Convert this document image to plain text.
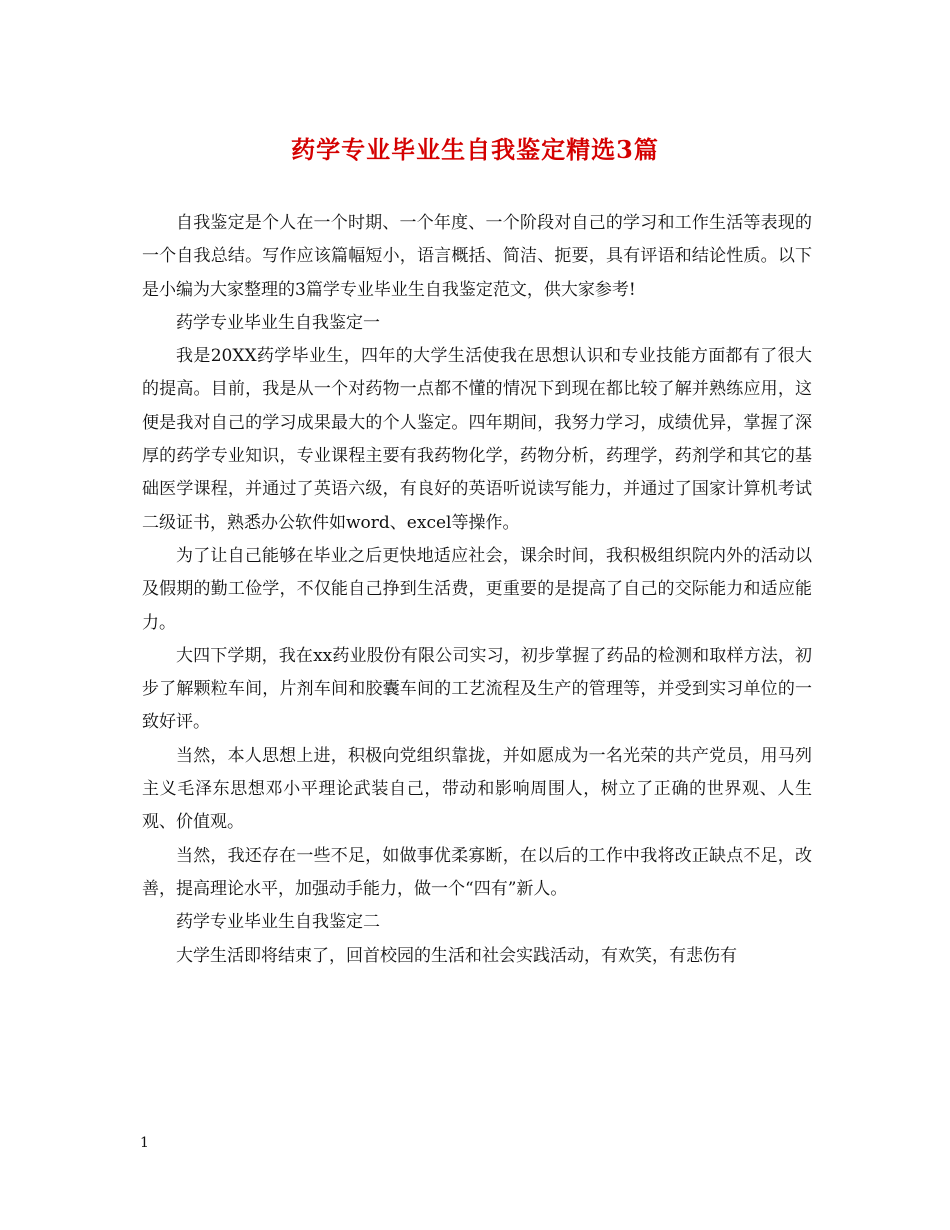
药学专业毕业生自我鉴定精选3篇

自我鉴定是个人在一个时期、一个年度、一个阶段对自己的学习和工作生活等表现的一个自我总结。写作应该篇幅短小，语言概括、简洁、扼要，具有评语和结论性质。以下是小编为大家整理的3篇学专业毕业生自我鉴定范文，供大家参考!

药学专业毕业生自我鉴定一

我是20XX药学毕业生，四年的大学生活使我在思想认识和专业技能方面都有了很大的提高。目前，我是从一个对药物一点都不懂的情况下到现在都比较了解并熟练应用，这便是我对自己的学习成果最大的个人鉴定。四年期间，我努力学习，成绩优异，掌握了深厚的药学专业知识，专业课程主要有我药物化学，药物分析，药理学，药剂学和其它的基础医学课程，并通过了英语六级，有良好的英语听说读写能力，并通过了国家计算机考试二级证书，熟悉办公软件如word、excel等操作。

为了让自己能够在毕业之后更快地适应社会，课余时间，我积极组织院内外的活动以及假期的勤工俭学，不仅能自己挣到生活费，更重要的是提高了自己的交际能力和适应能力。

大四下学期，我在xx药业股份有限公司实习，初步掌握了药品的检测和取样方法，初步了解颗粒车间，片剂车间和胶囊车间的工艺流程及生产的管理等，并受到实习单位的一致好评。

当然，本人思想上进，积极向党组织靠拢，并如愿成为一名光荣的共产党员，用马列主义毛泽东思想邓小平理论武装自己，带动和影响周围人，树立了正确的世界观、人生观、价值观。

当然，我还存在一些不足，如做事优柔寡断，在以后的工作中我将改正缺点不足，改善，提高理论水平，加强动手能力，做一个“四有”新人。

药学专业毕业生自我鉴定二

大学生活即将结束了，回首校园的生活和社会实践活动，有欢笑，有悲伤有

1
